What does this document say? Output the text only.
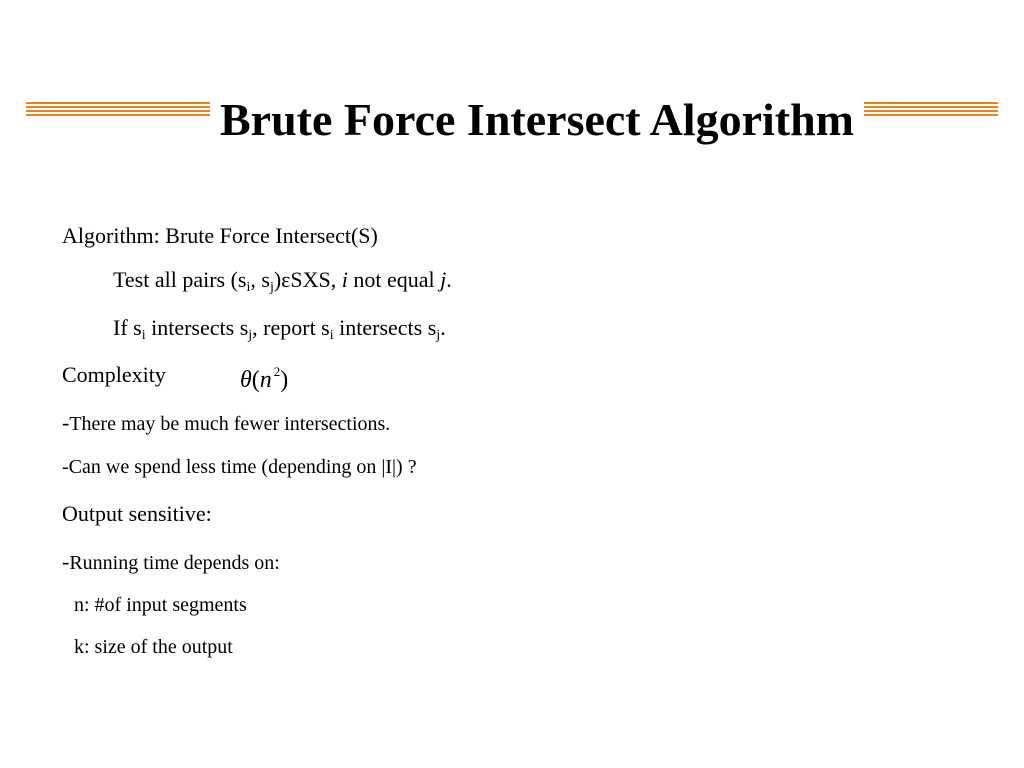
Brute Force Intersect Algorithm
Algorithm: Brute Force Intersect(S)
Test all pairs ($s_i$, $s_j)\varepsilon SXS$, i not equal j.
If $s_i$ intersects $s_j$, report $s_i$ intersects $s_j$.
Complexity	θ(n $^2$)
-There may be much fewer intersections.
-Can we spend less time (depending on |I|) ?
Output sensitive:
-Running time depends on:
n: #of input segments
k: size of the output
